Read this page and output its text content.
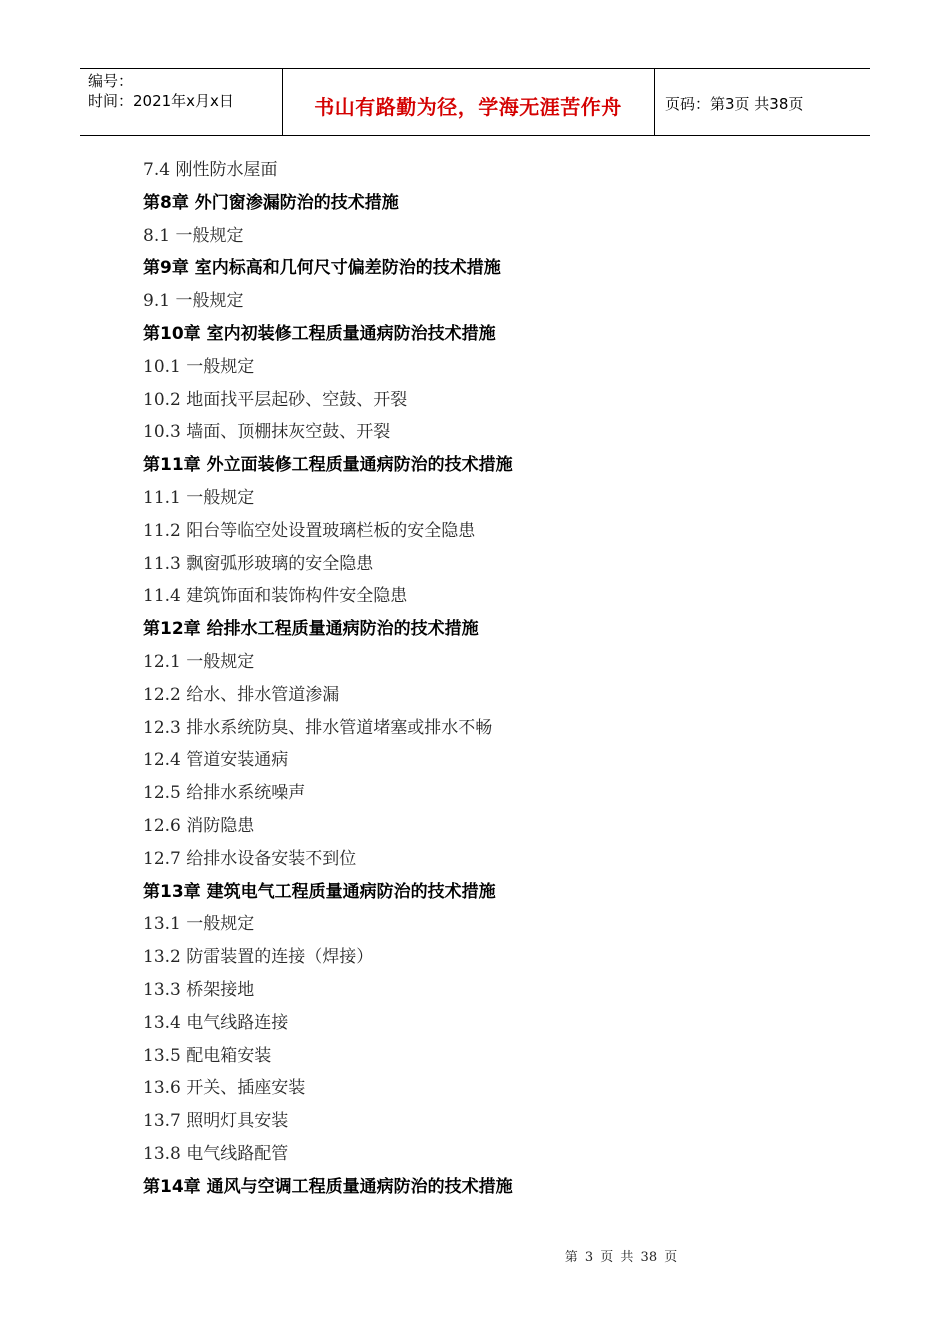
编号：
时间：2021年x月x日	书山有路勤为径，学海无涯苦作舟	页码：第3页 共38页
7.4 刚性防水屋面
第8章 外门窗渗漏防治的技术措施
8.1 一般规定
第9章 室内标高和几何尺寸偏差防治的技术措施
9.1 一般规定
第10章 室内初装修工程质量通病防治技术措施
10.1 一般规定
10.2 地面找平层起砂、空鼓、开裂
10.3 墙面、顶棚抹灰空鼓、开裂
第11章 外立面装修工程质量通病防治的技术措施
11.1 一般规定
11.2 阳台等临空处设置玻璃栏板的安全隐患
11.3 飘窗弧形玻璃的安全隐患
11.4 建筑饰面和装饰构件安全隐患
第12章 给排水工程质量通病防治的技术措施
12.1 一般规定
12.2 给水、排水管道渗漏
12.3 排水系统防臭、排水管道堵塞或排水不畅
12.4 管道安装通病
12.5 给排水系统噪声
12.6 消防隐患
12.7 给排水设备安装不到位
第13章 建筑电气工程质量通病防治的技术措施
13.1 一般规定
13.2 防雷装置的连接（焊接）
13.3 桥架接地
13.4 电气线路连接
13.5 配电箱安装
13.6 开关、插座安装
13.7 照明灯具安装
13.8 电气线路配管
第14章 通风与空调工程质量通病防治的技术措施
第 3 页 共 38 页
